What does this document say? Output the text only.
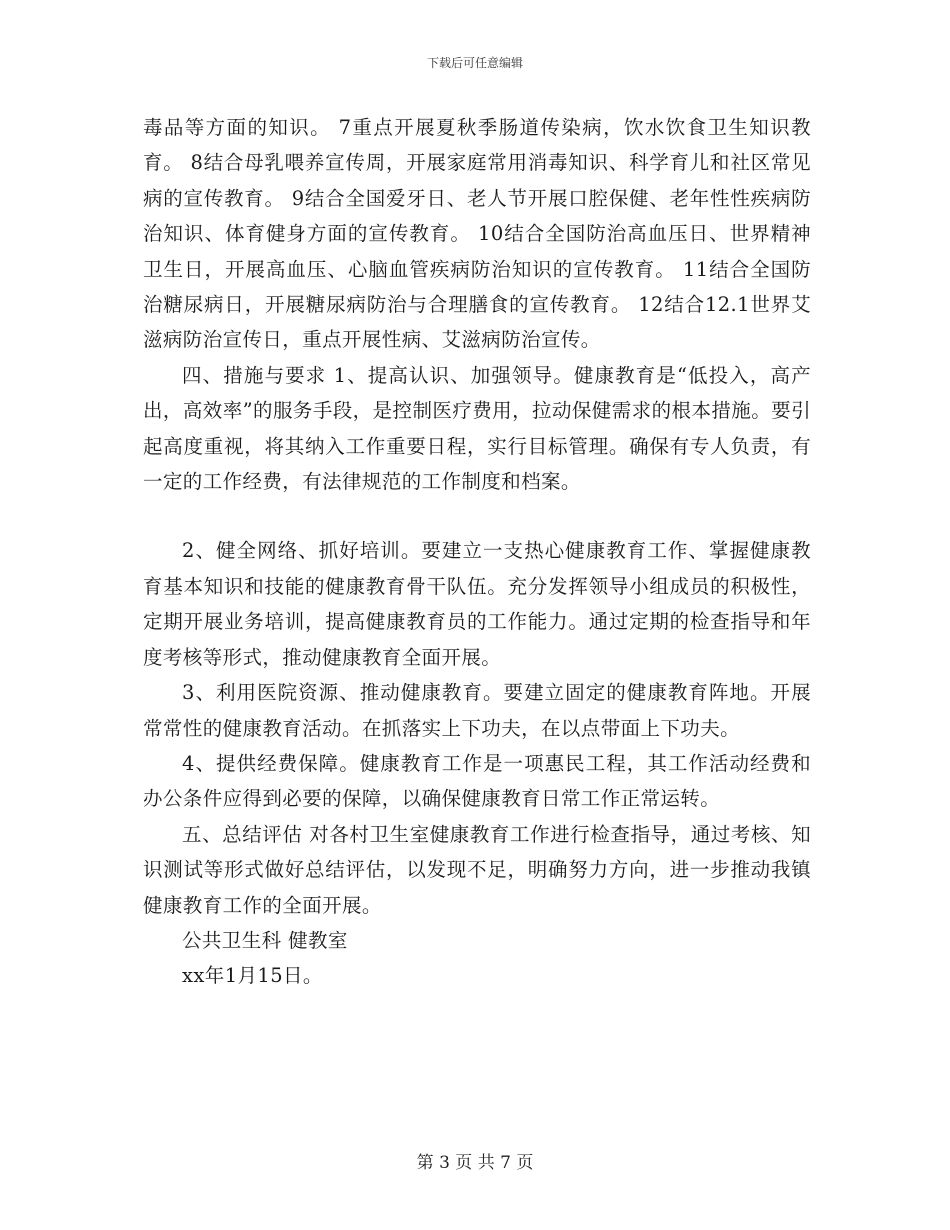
下载后可任意编辑

毒品等方面的知识。 7重点开展夏秋季肠道传染病，饮水饮食卫生知识教育。 8结合母乳喂养宣传周，开展家庭常用消毒知识、科学育儿和社区常见病的宣传教育。 9结合全国爱牙日、老人节开展口腔保健、老年性性疾病防治知识、体育健身方面的宣传教育。 10结合全国防治高血压日、世界精神卫生日，开展高血压、心脑血管疾病防治知识的宣传教育。 11结合全国防治糖尿病日，开展糖尿病防治与合理膳食的宣传教育。 12结合12.1世界艾滋病防治宣传日，重点开展性病、艾滋病防治宣传。

四、措施与要求 1、提高认识、加强领导。健康教育是“低投入，高产出，高效率”的服务手段，是控制医疗费用，拉动保健需求的根本措施。要引起高度重视，将其纳入工作重要日程，实行目标管理。确保有专人负责，有一定的工作经费，有法律规范的工作制度和档案。

2、健全网络、抓好培训。要建立一支热心健康教育工作、掌握健康教育基本知识和技能的健康教育骨干队伍。充分发挥领导小组成员的积极性，定期开展业务培训，提高健康教育员的工作能力。通过定期的检查指导和年度考核等形式，推动健康教育全面开展。

3、利用医院资源、推动健康教育。要建立固定的健康教育阵地。开展常常性的健康教育活动。在抓落实上下功夫，在以点带面上下功夫。

4、提供经费保障。健康教育工作是一项惠民工程，其工作活动经费和办公条件应得到必要的保障，以确保健康教育日常工作正常运转。

五、总结评估 对各村卫生室健康教育工作进行检查指导，通过考核、知识测试等形式做好总结评估，以发现不足，明确努力方向，进一步推动我镇健康教育工作的全面开展。

公共卫生科 健教室

xx年1月15日。

第 3 页 共 7 页
